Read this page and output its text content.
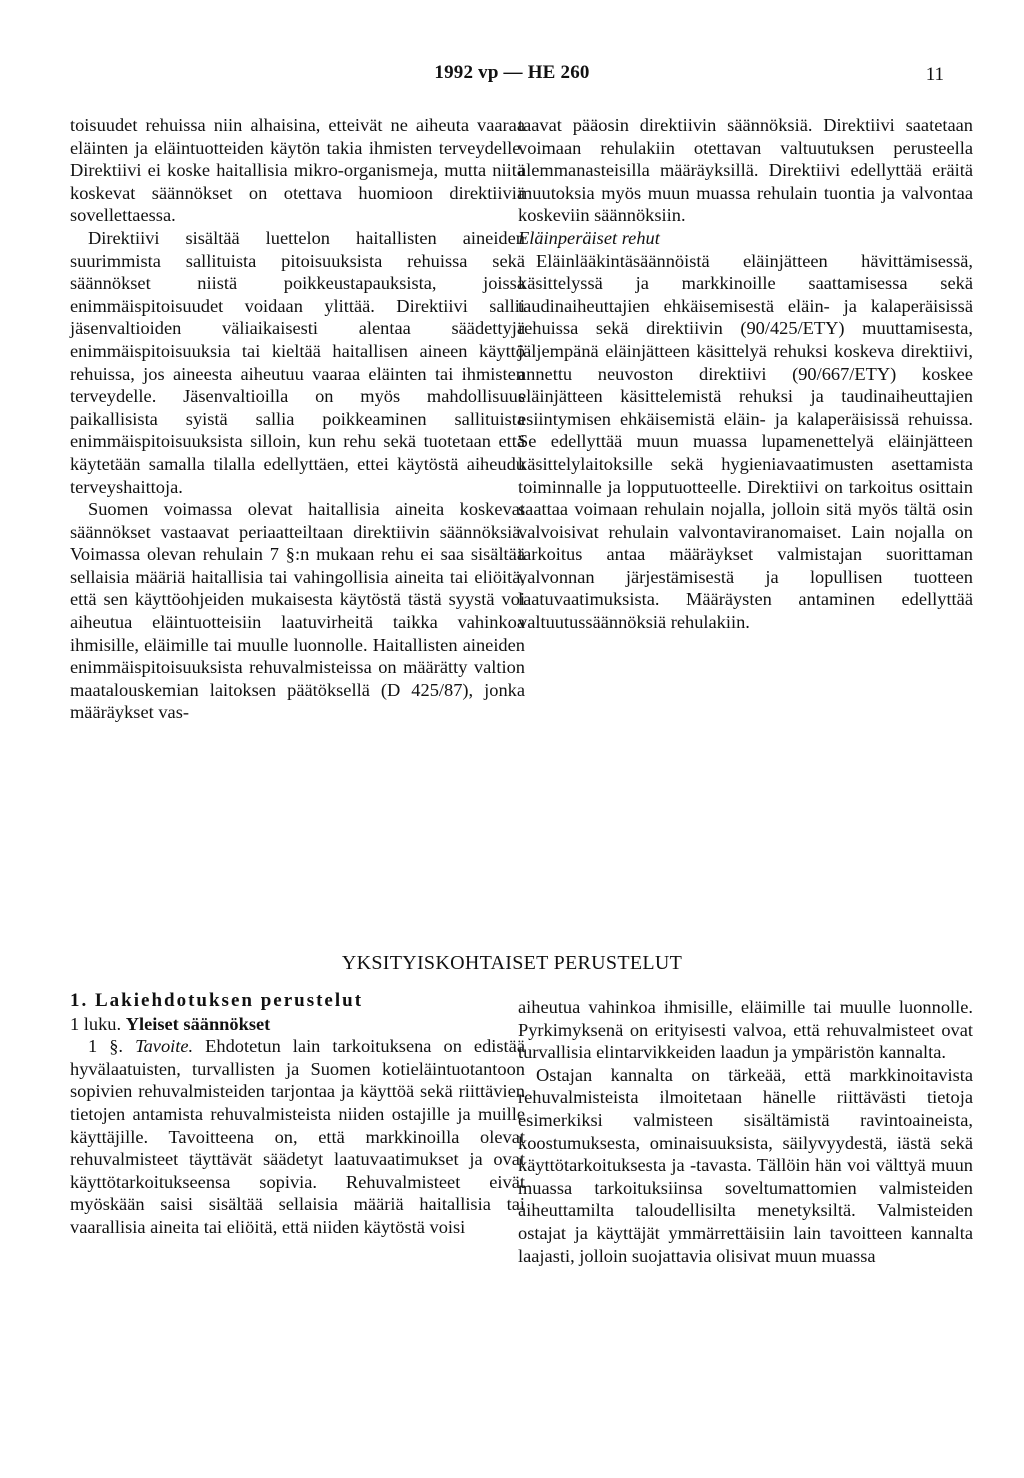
1992 vp — HE 260	11

toisuudet rehuissa niin alhaisina, etteivät ne aiheuta vaaraa eläinten ja eläintuotteiden käytön takia ihmisten terveydelle. Direktiivi ei koske haitallisia mikro-organismeja, mutta niitä koskevat säännökset on otettava huomioon direktiiviä sovellettaessa.

Direktiivi sisältää luettelon haitallisten aineiden suurimmista sallituista pitoisuuksista rehuissa sekä säännökset niistä poikkeustapauksista, joissa enimmäispitoisuudet voidaan ylittää. Direktiivi sallii jäsenvaltioiden väliaikaisesti alentaa säädettyjä enimmäispitoisuuksia tai kieltää haitallisen aineen käyttö rehuissa, jos aineesta aiheutuu vaaraa eläinten tai ihmisten terveydelle. Jäsenvaltioilla on myös mahdollisuus paikallisista syistä sallia poikkeaminen sallituista enimmäispitoisuuksista silloin, kun rehu sekä tuotetaan että käytetään samalla tilalla edellyttäen, ettei käytöstä aiheudu terveyshaittoja.

Suomen voimassa olevat haitallisia aineita koskevat säännökset vastaavat periaatteiltaan direktiivin säännöksiä. Voimassa olevan rehulain 7 §:n mukaan rehu ei saa sisältää sellaisia määriä haitallisia tai vahingollisia aineita tai eliöitä, että sen käyttöohjeiden mukaisesta käytöstä tästä syystä voi aiheutua eläintuotteisiin laatuvirheitä taikka vahinkoa ihmisille, eläimille tai muulle luonnolle. Haitallisten aineiden enimmäispitoisuuksista rehuvalmisteissa on määrätty valtion maatalouskemian laitoksen päätöksellä (D 425/87), jonka määräykset vas-

taavat pääosin direktiivin säännöksiä. Direktiivi saatetaan voimaan rehulakiin otettavan valtuutuksen perusteella alemmanasteisilla määräyksillä. Direktiivi edellyttää eräitä muutoksia myös muun muassa rehulain tuontia ja valvontaa koskeviin säännöksiin.

Eläinperäiset rehut

Eläinlääkintäsäännöistä eläinjätteen hävittämisessä, käsittelyssä ja markkinoille saattamisessa sekä taudinaiheuttajien ehkäisemisestä eläin- ja kalaperäisissä rehuissa sekä direktiivin (90/425/ETY) muuttamisesta, jäljempänä eläinjätteen käsittelyä rehuksi koskeva direktiivi, annettu neuvoston direktiivi (90/667/ETY) koskee eläinjätteen käsittelemistä rehuksi ja taudinaiheuttajien esiintymisen ehkäisemistä eläin- ja kalaperäisissä rehuissa. Se edellyttää muun muassa lupamenettelyä eläinjätteen käsittelylaitoksille sekä hygieniavaatimusten asettamista toiminnalle ja lopputuotteelle. Direktiivi on tarkoitus osittain saattaa voimaan rehulain nojalla, jolloin sitä myös tältä osin valvoisivat rehulain valvontaviranomaiset. Lain nojalla on tarkoitus antaa määräykset valmistajan suorittaman valvonnan järjestämisestä ja lopullisen tuotteen laatuvaatimuksista. Määräysten antaminen edellyttää valtuutussäännöksiä rehulakiin.

YKSITYISKOHTAISET PERUSTELUT

1. Lakiehdotuksen perustelut

1 luku. Yleiset säännökset

1 §. Tavoite. Ehdotetun lain tarkoituksena on edistää hyvälaatuisten, turvallisten ja Suomen kotieläintuotantoon sopivien rehuvalmisteiden tarjontaa ja käyttöä sekä riittävien tietojen antamista rehuvalmisteista niiden ostajille ja muille käyttäjille. Tavoitteena on, että markkinoilla olevat rehuvalmisteet täyttävät säädetyt laatuvaatimukset ja ovat käyttötarkoitukseensa sopivia. Rehuvalmisteet eivät myöskään saisi sisältää sellaisia määriä haitallisia tai vaarallisia aineita tai eliöitä, että niiden käytöstä voisi

aiheutua vahinkoa ihmisille, eläimille tai muulle luonnolle. Pyrkimyksenä on erityisesti valvoa, että rehuvalmisteet ovat turvallisia elintarvikkeiden laadun ja ympäristön kannalta.

Ostajan kannalta on tärkeää, että markkinoitavista rehuvalmisteista ilmoitetaan hänelle riittävästi tietoja esimerkiksi valmisteen sisältämistä ravintoaineista, koostumuksesta, ominaisuuksista, säilyvyydestä, iästä sekä käyttötarkoituksesta ja -tavasta. Tällöin hän voi välttyä muun muassa tarkoituksiinsa soveltumattomien valmisteiden aiheuttamilta taloudellisilta menetyksiltä. Valmisteiden ostajat ja käyttäjät ymmärrettäisiin lain tavoitteen kannalta laajasti, jolloin suojattavia olisivat muun muassa
